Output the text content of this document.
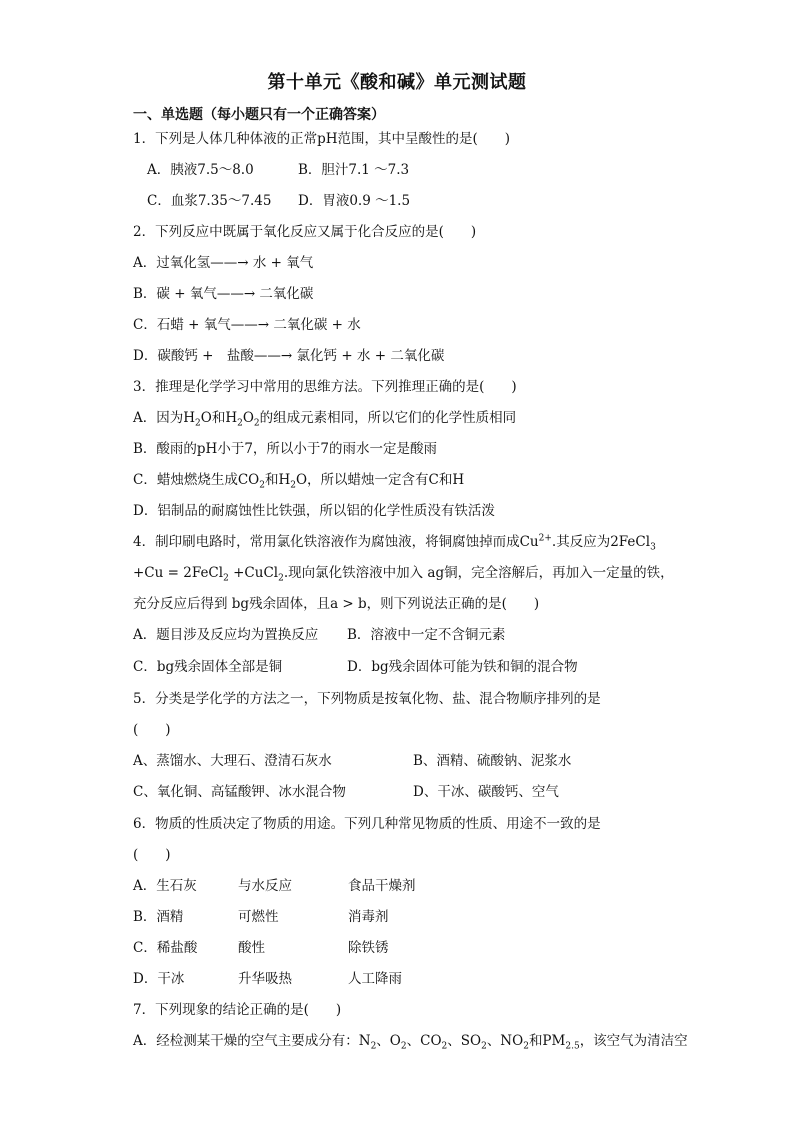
第十单元《酸和碱》单元测试题
一、单选题（每小题只有一个正确答案）
1．下列是人体几种体液的正常pH范围，其中呈酸性的是(　　)
A．胰液7.5～8.0	B．胆汁7.1 ～7.3
C．血浆7.35～7.45 D．胃液0.9 ～1.5
2．下列反应中既属于氧化反应又属于化合反应的是(　　)
A．过氧化氢——→ 水 + 氧气
B．碳 + 氧气——→ 二氧化碳
C．石蜡 + 氧气——→ 二氧化碳 + 水
D．碳酸钙 +　盐酸——→ 氯化钙 + 水 + 二氧化碳
3．推理是化学学习中常用的思维方法。下列推理正确的是(　　)
A．因为$H_2O$和$H_2O_2$的组成元素相同，所以它们的化学性质相同
B．酸雨的pH小于7，所以小于7的雨水一定是酸雨
C．蜡烛燃烧生成$CO_2$和$H_2O$，所以蜡烛一定含有C和H
D．铝制品的耐腐蚀性比铁强，所以铝的化学性质没有铁活泼
4．制印刷电路时，常用氯化铁溶液作为腐蚀液，将铜腐蚀掉而成$Cu^{2+}$.其反应为2FeCl$_3$
+Cu = 2FeCl$_2$ +CuCl$_2$.现向氯化铁溶液中加入 ag铜，完全溶解后，再加入一定量的铁，
充分反应后得到 bg残余固体，且a > b，则下列说法正确的是(　　)
A．题目涉及反应均为置换反应 B．溶液中一定不含铜元素
C．bg残余固体全部是铜	D．bg残余固体可能为铁和铜的混合物
5．分类是学化学的方法之一，下列物质是按氧化物、盐、混合物顺序排列的是
(　　)
A、蒸馏水、大理石、澄清石灰水	B、酒精、硫酸钠、泥浆水
C、氧化铜、高锰酸钾、冰水混合物	D、干冰、碳酸钙、空气
6．物质的性质决定了物质的用途。下列几种常见物质的性质、用途不一致的是
(　　)
A．生石灰	与水反应	食品干燥剂
B．酒精	可燃性	消毒剂
C．稀盐酸	酸性	除铁锈
D．干冰	升华吸热	人工降雨
7．下列现象的结论正确的是(　　)
A．经检测某干燥的空气主要成分有：$N_2$、$O_2$、$CO_2$、$SO_2$、$NO_2$和$PM_{2.5}$，该空气为清洁空
